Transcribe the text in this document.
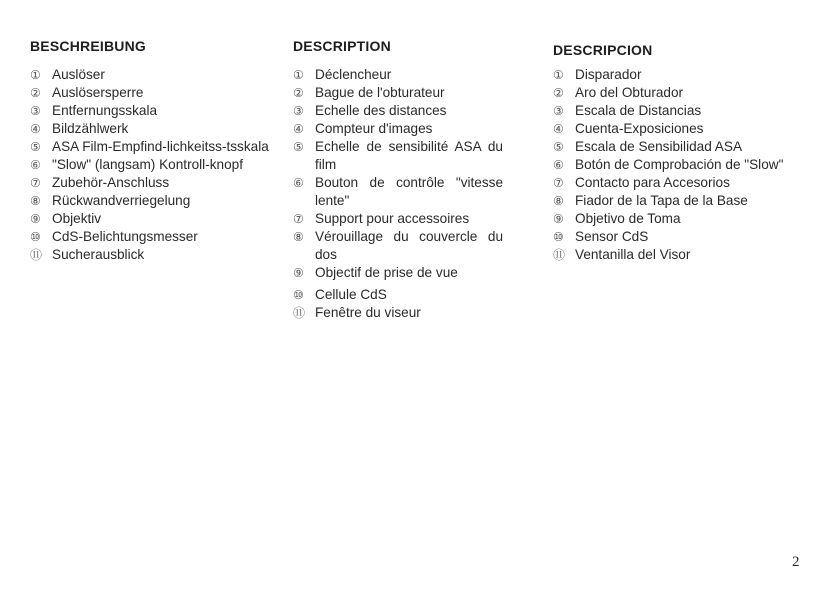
BESCHREIBUNG
① Auslöser
② Auslösersperre
③ Entfernungsskala
④ Bildzählwerk
⑤ ASA Film-Empfind-lichkeitss-tsskala
⑥ "Slow" (langsam) Kontroll-knopf
⑦ Zubehör-Anschluss
⑧ Rückwandverriegelung
⑨ Objektiv
⑩ CdS-Belichtungsmesser
⑪ Sucherausblick
DESCRIPTION
① Déclencheur
② Bague de l'obturateur
③ Echelle des distances
④ Compteur d'images
⑤ Echelle de sensibilité ASA du film
⑥ Bouton de contrôle "vitesse lente"
⑦ Support pour accessoires
⑧ Vérouillage du couvercle du dos
⑨ Objectif de prise de vue
⑩ Cellule CdS
⑪ Fenêtre du viseur
DESCRIPCION
① Disparador
② Aro del Obturador
③ Escala de Distancias
④ Cuenta-Exposiciones
⑤ Escala de Sensibilidad ASA
⑥ Botón de Comprobación de "Slow"
⑦ Contacto para Accesorios
⑧ Fiador de la Tapa de la Base
⑨ Objetivo de Toma
⑩ Sensor CdS
⑪ Ventanilla del Visor
2
